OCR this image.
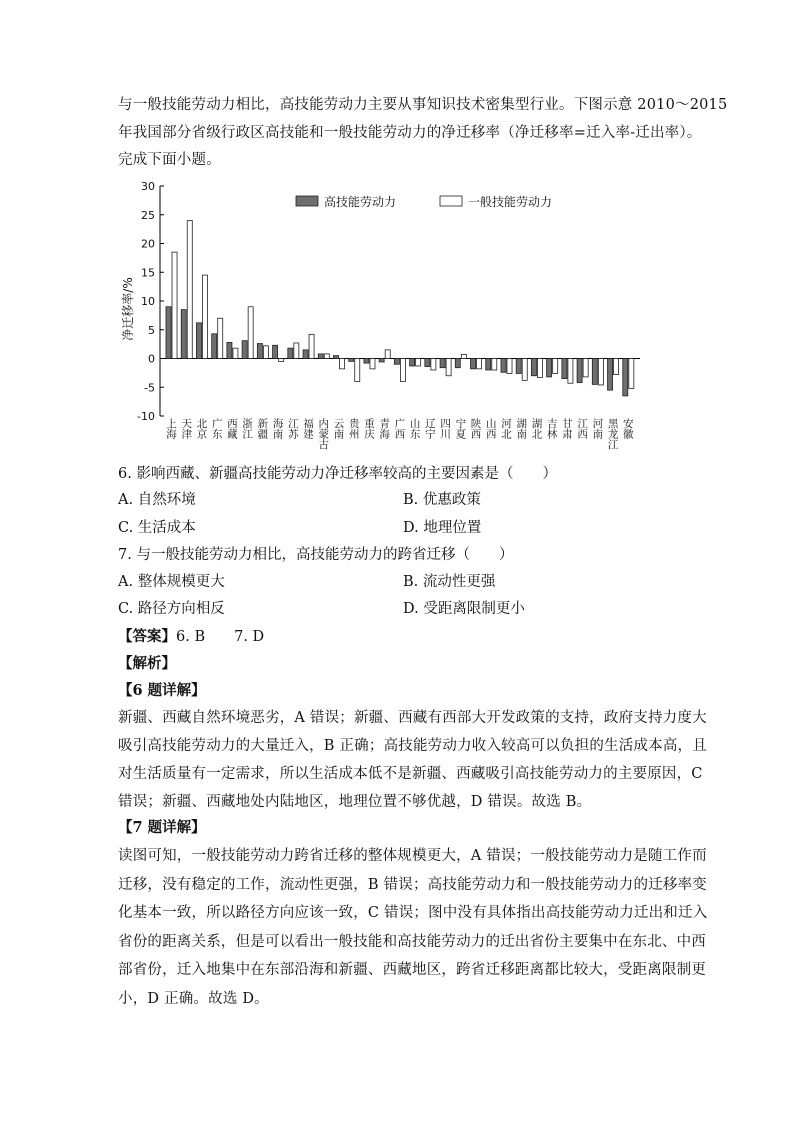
与一般技能劳动力相比，高技能劳动力主要从事知识技术密集型行业。下图示意 2010～2015
年我国部分省级行政区高技能和一般技能劳动力的净迁移率（净迁移率=迁入率-迁出率）。
完成下面小题。
30
25
20
15
10
5
0
-5
-10
净迁移率/%
上海 天津 北京 广东 西藏 浙江 新疆 海南 江苏 福建 内蒙古 云南 贵州 重庆 青海 广西 山东 辽宁 四川 宁夏 陕西 山西 河北 湖南 湖北 吉林 甘肃 江西 河南 黑龙江 安徽
高技能劳动力	一般技能劳动力
6. 影响西藏、新疆高技能劳动力净迁移率较高的主要因素是（　　）
A. 自然环境	B. 优惠政策
C. 生活成本	D. 地理位置
7. 与一般技能劳动力相比，高技能劳动力的跨省迁移（　　）
A. 整体规模更大	B. 流动性更强
C. 路径方向相反	D. 受距离限制更小
【答案】6. B　　7. D
【解析】
【6 题详解】
新疆、西藏自然环境恶劣，A 错误；新疆、西藏有西部大开发政策的支持，政府支持力度大
吸引高技能劳动力的大量迁入，B 正确；高技能劳动力收入较高可以负担的生活成本高，且
对生活质量有一定需求，所以生活成本低不是新疆、西藏吸引高技能劳动力的主要原因，C
错误；新疆、西藏地处内陆地区，地理位置不够优越，D 错误。故选 B。
【7 题详解】
读图可知，一般技能劳动力跨省迁移的整体规模更大，A 错误；一般技能劳动力是随工作而
迁移，没有稳定的工作，流动性更强，B 错误；高技能劳动力和一般技能劳动力的迁移率变
化基本一致，所以路径方向应该一致，C 错误；图中没有具体指出高技能劳动力迁出和迁入
省份的距离关系，但是可以看出一般技能和高技能劳动力的迁出省份主要集中在东北、中西
部省份，迁入地集中在东部沿海和新疆、西藏地区，跨省迁移距离都比较大，受距离限制更
小，D 正确。故选 D。
